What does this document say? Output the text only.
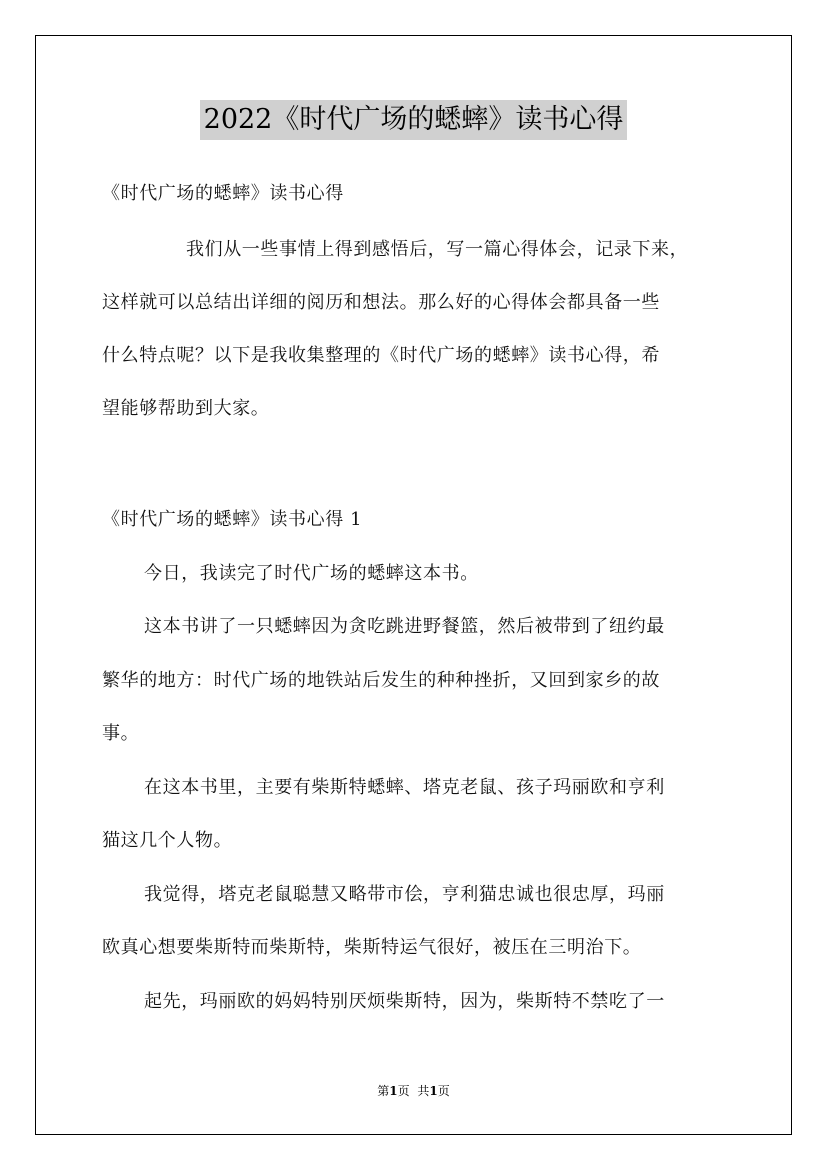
2022《时代广场的蟋蟀》读书心得
《时代广场的蟋蟀》读书心得
我们从一些事情上得到感悟后，写一篇心得体会，记录下来，
这样就可以总结出详细的阅历和想法。那么好的心得体会都具备一些
什么特点呢？以下是我收集整理的《时代广场的蟋蟀》读书心得，希
望能够帮助到大家。
《时代广场的蟋蟀》读书心得 1
今日，我读完了时代广场的蟋蟀这本书。
这本书讲了一只蟋蟀因为贪吃跳进野餐篮，然后被带到了纽约最
繁华的地方：时代广场的地铁站后发生的种种挫折，又回到家乡的故
事。
在这本书里，主要有柴斯特蟋蟀、塔克老鼠、孩子玛丽欧和亨利
猫这几个人物。
我觉得，塔克老鼠聪慧又略带市侩，亨利猫忠诚也很忠厚，玛丽
欧真心想要柴斯特而柴斯特，柴斯特运气很好，被压在三明治下。
起先，玛丽欧的妈妈特别厌烦柴斯特，因为，柴斯特不禁吃了一
第1页 共1页
